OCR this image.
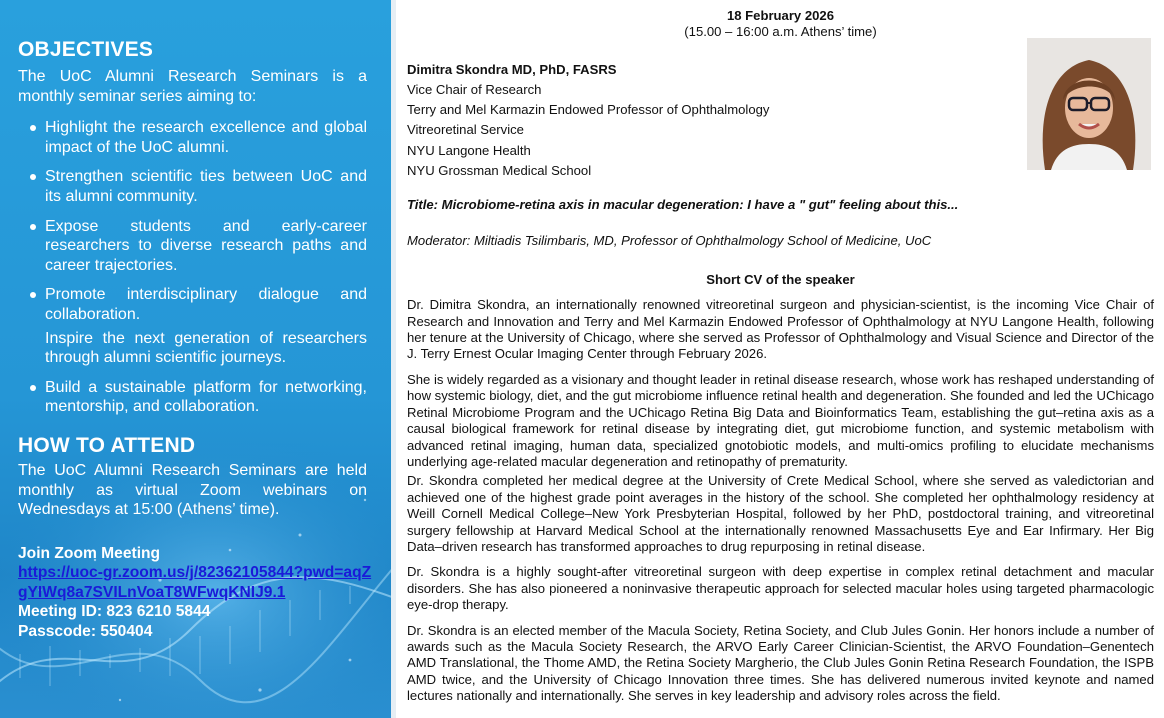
OBJECTIVES

The UoC Alumni Research Seminars is a monthly seminar series aiming to:

Highlight the research excellence and global impact of the UoC alumni.
Strengthen scientific ties between UoC and its alumni community.
Expose students and early-career researchers to diverse research paths and career trajectories.
Promote interdisciplinary dialogue and collaboration.
Inspire the next generation of researchers through alumni scientific journeys.
Build a sustainable platform for networking, mentorship, and collaboration.
HOW TO ATTEND

The UoC Alumni Research Seminars are held monthly as virtual Zoom webinars on Wednesdays at 15:00 (Athens’ time).

Join Zoom Meeting
https://uoc-gr.zoom.us/j/82362105844?pwd=aqZgYIWq8a7SVILnVoaT8WFwqKNIJ9.1
Meeting ID: 823 6210 5844
Passcode: 550404
18 February 2026
(15.00 – 16:00 a.m. Athens’ time)
Dimitra Skondra MD, PhD, FASRS
Vice Chair of Research
Terry and Mel Karmazin Endowed Professor of Ophthalmology
Vitreoretinal Service
NYU Langone Health
NYU Grossman Medical School
Title: Microbiome-retina axis in macular degeneration: I have a " gut" feeling about this...
Moderator: Miltiadis Tsilimbaris, MD, Professor of Ophthalmology School of Medicine, UoC
Short CV of the speaker

Dr. Dimitra Skondra, an internationally renowned vitreoretinal surgeon and physician-scientist, is the incoming Vice Chair of Research and Innovation and Terry and Mel Karmazin Endowed Professor of Ophthalmology at NYU Langone Health, following her tenure at the University of Chicago, where she served as Professor of Ophthalmology and Visual Science and Director of the J. Terry Ernest Ocular Imaging Center through February 2026.

She is widely regarded as a visionary and thought leader in retinal disease research, whose work has reshaped understanding of how systemic biology, diet, and the gut microbiome influence retinal health and degeneration. She founded and led the UChicago Retinal Microbiome Program and the UChicago Retina Big Data and Bioinformatics Team, establishing the gut–retina axis as a causal biological framework for retinal disease by integrating diet, gut microbiome function, and systemic metabolism with advanced retinal imaging, human data, specialized gnotobiotic models, and multi-omics profiling to elucidate mechanisms underlying age-related macular degeneration and retinopathy of prematurity.

Dr. Skondra completed her medical degree at the University of Crete Medical School, where she served as valedictorian and achieved one of the highest grade point averages in the history of the school. She completed her ophthalmology residency at Weill Cornell Medical College–New York Presbyterian Hospital, followed by her PhD, postdoctoral training, and vitreoretinal surgery fellowship at Harvard Medical School at the internationally renowned Massachusetts Eye and Ear Infirmary. Her Big Data–driven research has transformed approaches to drug repurposing in retinal disease.

Dr. Skondra is a highly sought-after vitreoretinal surgeon with deep expertise in complex retinal detachment and macular disorders. She has also pioneered a noninvasive therapeutic approach for selected macular holes using targeted pharmacologic eye-drop therapy.

Dr. Skondra is an elected member of the Macula Society, Retina Society, and Club Jules Gonin. Her honors include a number of awards such as the Macula Society Research, the ARVO Early Career Clinician-Scientist, the ARVO Foundation–Genentech AMD Translational, the Thome AMD, the Retina Society Margherio, the Club Jules Gonin Retina Research Foundation, the ISPB AMD twice, and the University of Chicago Innovation three times. She has delivered numerous invited keynote and named lectures nationally and internationally. She serves in key leadership and advisory roles across the field.
